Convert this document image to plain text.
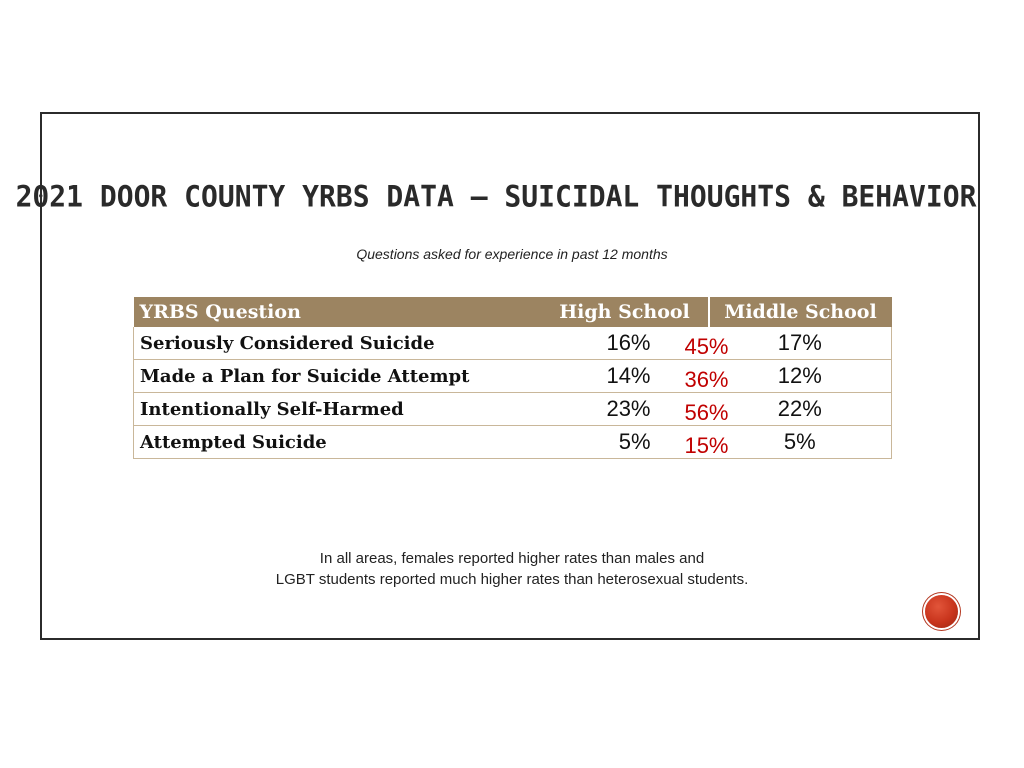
2021 DOOR COUNTY YRBS DATA – SUICIDAL THOUGHTS & BEHAVIOR
Questions asked for experience in past 12 months
YRBS Question	High School	Middle School
Seriously Considered Suicide	16% 45%	17%
Made a Plan for Suicide Attempt	14% 36%	12%
Intentionally Self-Harmed	23% 56%	22%
Attempted Suicide	5% 15%	5%
In all areas, females reported higher rates than males and
LGBT students reported much higher rates than heterosexual students.
